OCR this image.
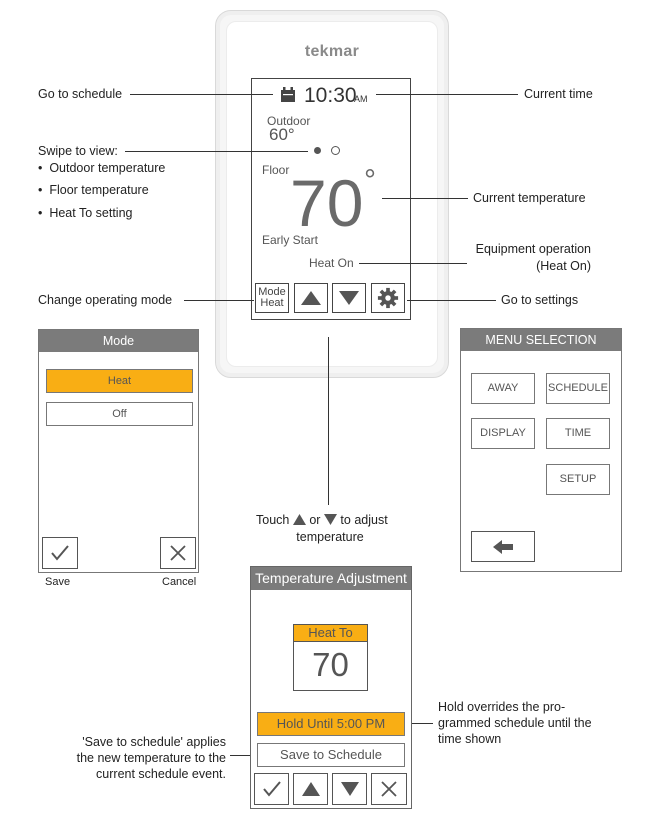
tekmar
10:30
AM
Outdoor
60°
Floor 70 °
Early Start
Heat On
Mode
Heat
Go to schedule	Current time
Swipe to view:
•  Outdoor temperature
•  Floor temperature
•  Heat To setting
Current temperature
Equipment operation
(Heat On)
Change operating mode	Go to settings
Touch or to adjust
temperature
Hold overrides the pro-
grammed schedule until the
time shown
'Save to schedule' applies
the new temperature to the
current schedule event.
Mode
Heat
Off
Save	Cancel
MENU SELECTION
AWAY	SCHEDULE
DISPLAY	TIME
SETUP
Temperature Adjustment
Heat To
70
Hold Until 5:00 PM
Save to Schedule
